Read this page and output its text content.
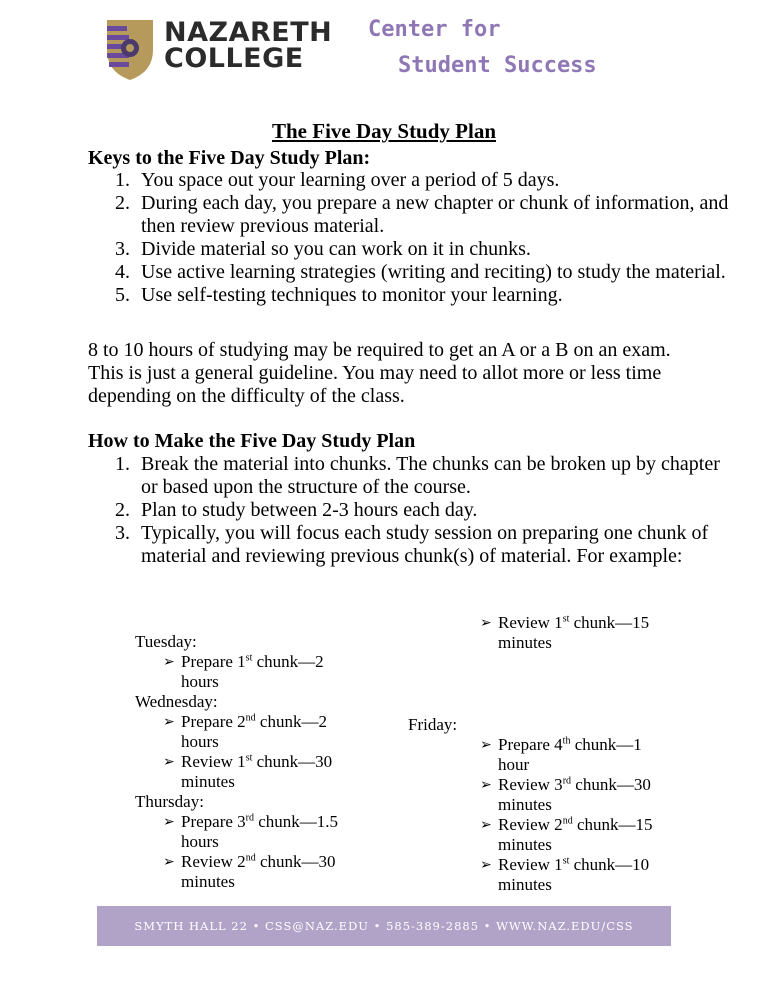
NAZARETH
COLLEGE
Center for
Student Success
The Five Day Study Plan
Keys to the Five Day Study Plan:
1. You space out your learning over a period of 5 days.
2. During each day, you prepare a new chapter or chunk of information, and then review previous material.
3. Divide material so you can work on it in chunks.
4. Use active learning strategies (writing and reciting) to study the material.
5. Use self-testing techniques to monitor your learning.
8 to 10 hours of studying may be required to get an A or a B on an exam. This is just a general guideline. You may need to allot more or less time depending on the difficulty of the class.
How to Make the Five Day Study Plan
1. Break the material into chunks. The chunks can be broken up by chapter or based upon the structure of the course.
2. Plan to study between 2-3 hours each day.
3. Typically, you will focus each study session on preparing one chunk of material and reviewing previous chunk(s) of material. For example:
Tuesday:
➢ Prepare 1st chunk—2
hours
Wednesday:
➢ Prepare 2nd chunk—2
hours
➢ Review 1st chunk—30
minutes
Thursday:
➢ Prepare 3rd chunk—1.5
hours
➢ Review 2nd chunk—30
minutes
➢ Review 1st chunk—15
minutes
Friday:
➢ Prepare 4th chunk—1
hour
➢ Review 3rd chunk—30
minutes
➢ Review 2nd chunk—15
minutes
➢ Review 1st chunk—10
minutes
SMYTH HALL 22 • CSS@NAZ.EDU • 585-389-2885 • WWW.NAZ.EDU/CSS
